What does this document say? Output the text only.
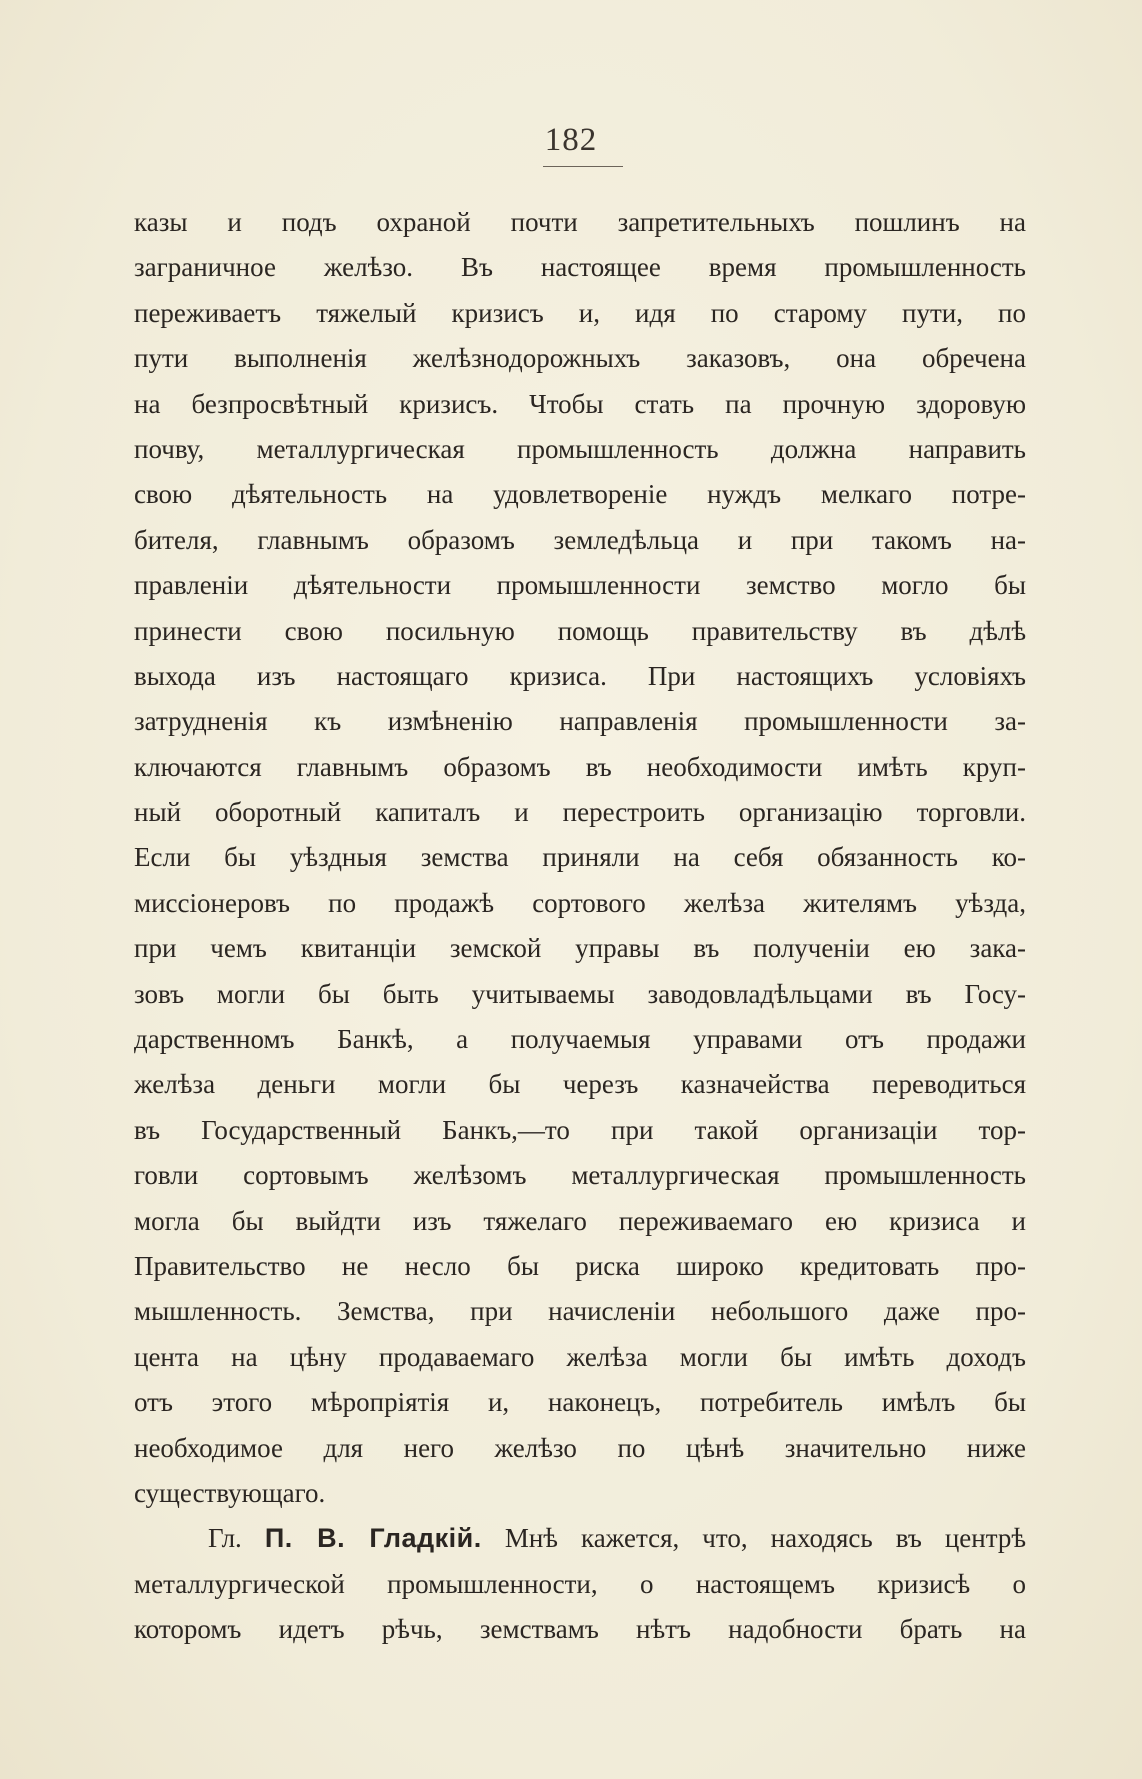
182
казы и подъ охраной почти запретительныхъ пошлинъ на
заграничное желѣзо. Въ настоящее время промышленность
переживаетъ тяжелый кризисъ и, идя по старому пути, по
пути выполненія желѣзнодорожныхъ заказовъ, она обречена
на безпросвѣтный кризисъ. Чтобы стать па прочную здоровую
почву, металлургическая промышленность должна направить
свою дѣятельность на удовлетвореніе нуждъ мелкаго потре-
бителя, главнымъ образомъ земледѣльца и при такомъ на-
правленіи дѣятельности промышленности земство могло бы
принести свою посильную помощь правительству въ дѣлѣ
выхода изъ настоящаго кризиса. При настоящихъ условіяхъ
затрудненія къ измѣненію направленія промышленности за-
ключаются главнымъ образомъ въ необходимости имѣть круп-
ный оборотный капиталъ и перестроить организацію торговли.
Если бы уѣздныя земства приняли на себя обязанность ко-
миссіонеровъ по продажѣ сортового желѣза жителямъ уѣзда,
при чемъ квитанціи земской управы въ полученіи ею зака-
зовъ могли бы быть учитываемы заводовладѣльцами въ Госу-
дарственномъ Банкѣ, а получаемыя управами отъ продажи
желѣза деньги могли бы черезъ казначейства переводиться
въ Государственный Банкъ,—то при такой организаціи тор-
говли сортовымъ желѣзомъ металлургическая промышленность
могла бы выйдти изъ тяжелаго переживаемаго ею кризиса и
Правительство не несло бы риска широко кредитовать про-
мышленность. Земства, при начисленіи небольшого даже про-
цента на цѣну продаваемаго желѣза могли бы имѣть доходъ
отъ этого мѣропріятія и, наконецъ, потребитель имѣлъ бы
необходимое для него желѣзо по цѣнѣ значительно ниже
существующаго.
Гл. П. В. Гладкій. Мнѣ кажется, что, находясь въ центрѣ
металлургической промышленности, о настоящемъ кризисѣ о
которомъ идетъ рѣчь, земствамъ нѣтъ надобности брать на
